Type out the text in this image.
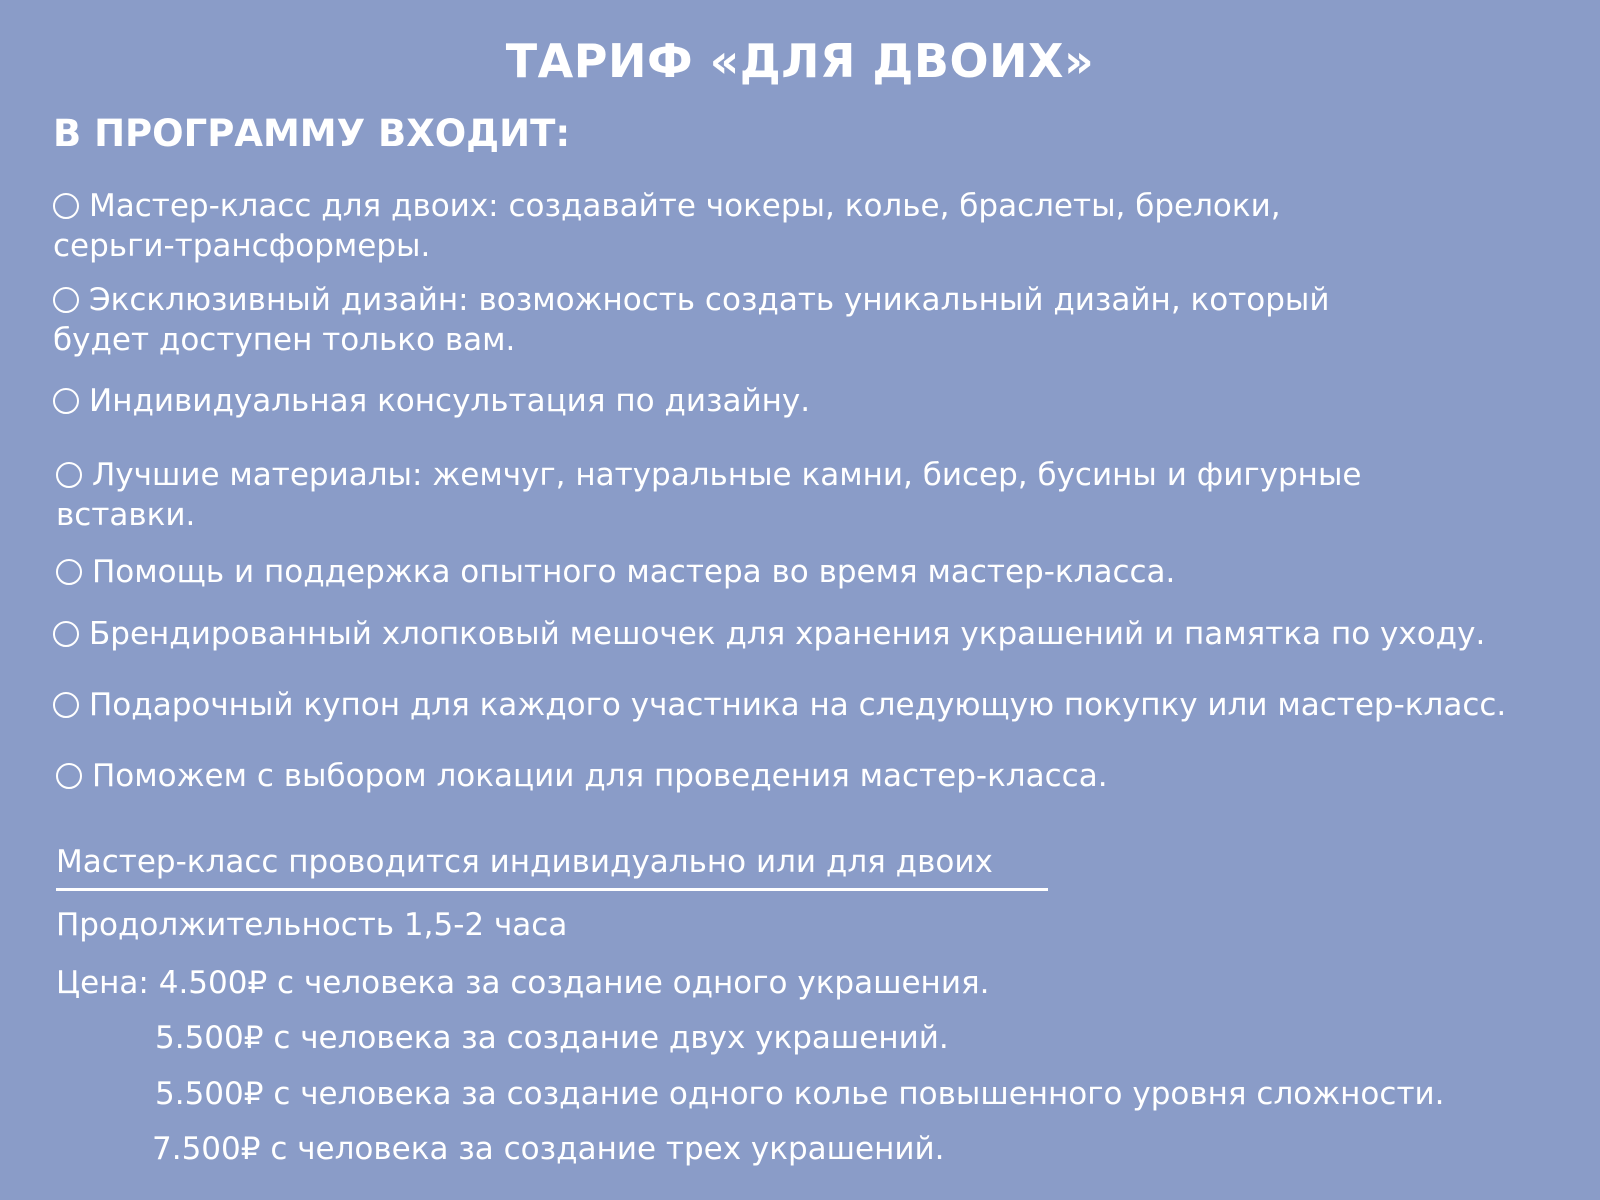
ТАРИФ «ДЛЯ ДВОИХ»
В ПРОГРАММУ ВХОДИТ:
Мастер-класс для двоих: создавайте чокеры, колье, браслеты, брелоки,
серьги-трансформеры.
Эксклюзивный дизайн: возможность создать уникальный дизайн, который
будет доступен только вам.
Индивидуальная консультация по дизайну.
Лучшие материалы: жемчуг, натуральные камни, бисер, бусины и фигурные
вставки.
Помощь и поддержка опытного мастера во время мастер-класса.
Брендированный хлопковый мешочек для хранения украшений и памятка по уходу.
Подарочный купон для каждого участника на следующую покупку или мастер-класс.
Поможем с выбором локации для проведения мастер-класса.
Мастер-класс проводится индивидуально или для двоих
Продолжительность 1,5-2 часа
Цена: 4.500₽ с человека за создание одного украшения.
5.500₽ с человека за создание двух украшений.
5.500₽ с человека за создание одного колье повышенного уровня сложности.
7.500₽ с человека за создание трех украшений.
